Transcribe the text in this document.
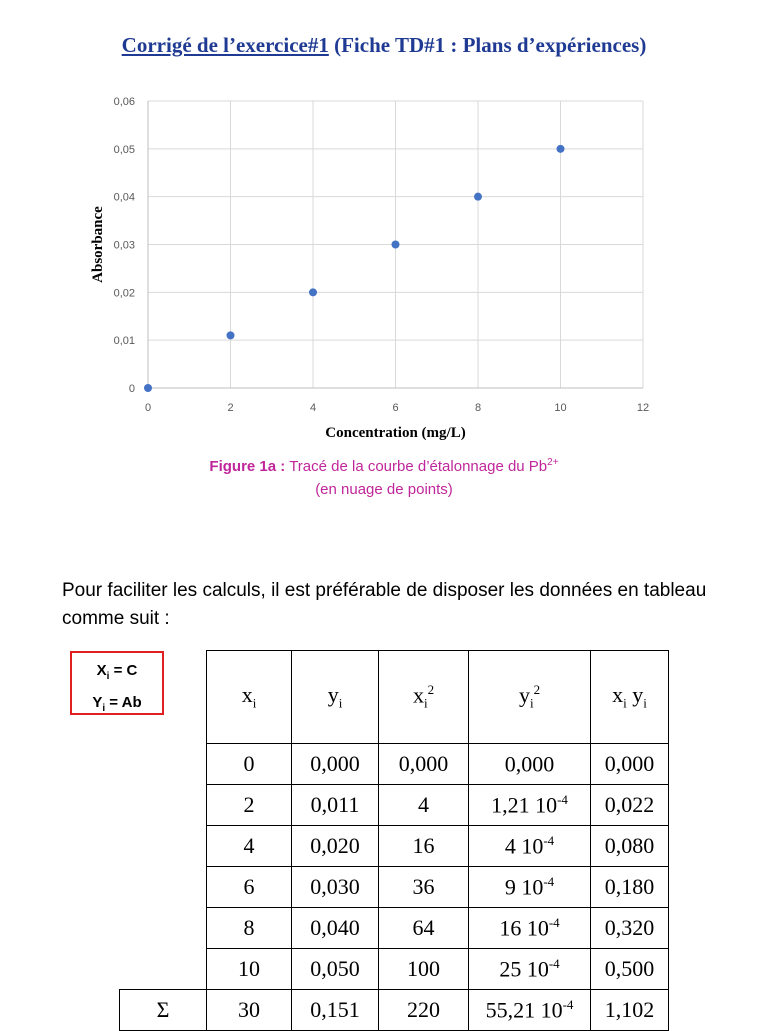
Corrigé de l’exercice#1 (Fiche TD#1 : Plans d’expériences)
0
0,01
0,02
0,03
0,04
0,05
0,06
0	2	4	6	8	10	12
Concentration (mg/L)
Absorbance
Figure 1a : Tracé de la courbe d’étalonnage du $Pb^{2+}$
(en nuage de points)
Pour faciliter les calculs, il est préférable de disposer les données en tableau comme suit :
$X_i = C$
$Y_i = Ab$
		$x_i$	$y_i$	$x_i^2$	$y_i^2$	$x_i$ $y_i$
	0	0,000	0,000	0,000	0,000
	2	0,011	4	1,21 $10^{-4}$	0,022
	4	0,020	16	4 $10^{-4}$	0,080
	6	0,030	36	9 $10^{-4}$	0,180
	8	0,040	64	16 $10^{-4}$	0,320
	10	0,050	100	25 $10^{-4}$	0,500
Σ	30	0,151	220	55,21 $10^{-4}$	1,102
